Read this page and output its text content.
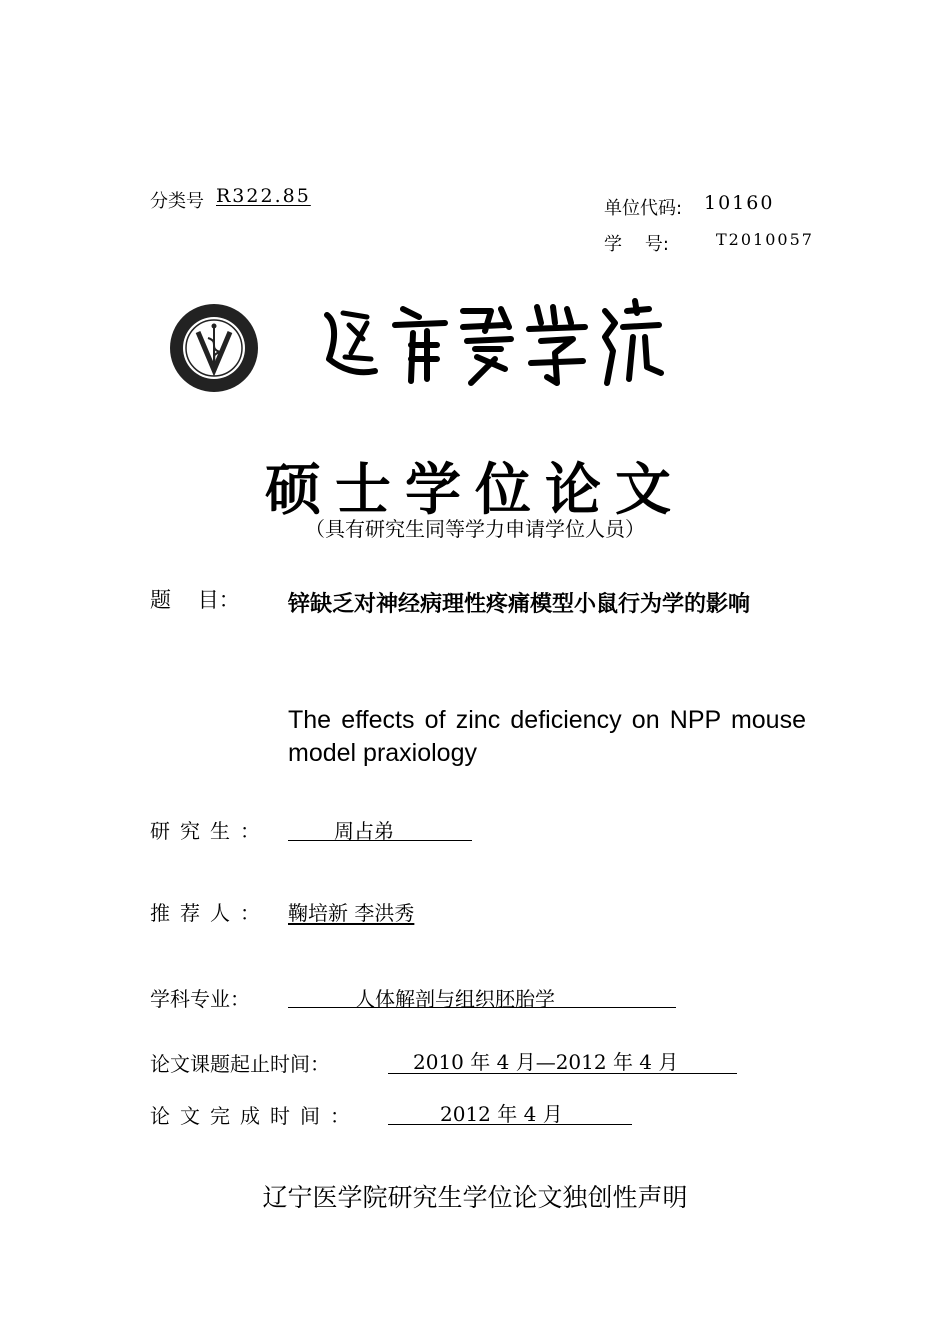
分类号 R322.85
单位代码: 10160
学    号:	T2010057
硕士学位论文
（具有研究生同等学力申请学位人员）
题    目： 锌缺乏对神经病理性疼痛模型小鼠行为学的影响
The effects of zinc deficiency on NPP mouse model praxiology
研究生：	周占弟
推荐人： 鞠培新 李洪秀
学科专业：	人体解剖与组织胚胎学
论文课题起止时间：	2010 年 4 月—2012 年 4 月
论文完成时间：	2012 年 4 月
辽宁医学院研究生学位论文独创性声明
